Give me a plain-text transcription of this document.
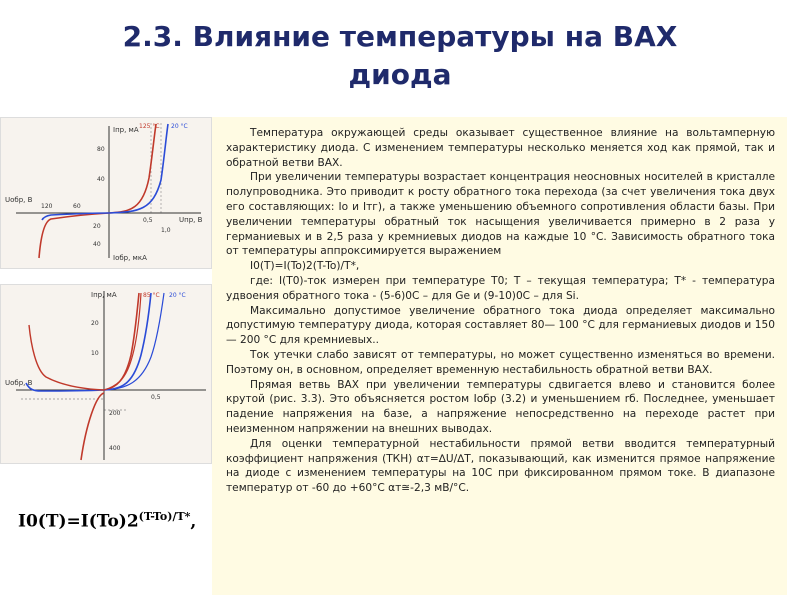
2.3. Влияние температуры на ВАХ
диода
Iпр, мА 125 °C 20 °C
80
40
Uпр, В
Uобр, В
120	60
0,5
1,0
20
Iобр, мкА
40
Iпр, мА	85 °C 20 °C
Uобр, В
20
10
200
400
0,5
$I0(T)=I(To)2^{(T-To)/T*}$,

Температура окружающей среды оказывает существенное влияние на вольтамперную характеристику диода. С изменением температуры несколько меняется ход как прямой, так и обратной ветви ВАХ.

При увеличении температуры возрастает концентрация неосновных носителей в кристалле полупроводника. Это приводит к росту обратного тока перехода (за счет увеличения тока двух его составляющих: Iо и Iтг), а также уменьшению объемного сопротивления области базы. При увеличении температуры обратный ток насыщения увеличивается примерно в 2 раза у германиевых и в 2,5 раза у кремниевых диодов на каждые 10 °С. Зависимость обратного тока от температуры аппроксимируется выражением

I0(T)=I(To)2(T-To)/T*,

где: I(T0)-ток измерен при температуре T0; T – текущая температура; T* - температура удвоения обратного тока - (5-6)0С – для Ge и (9-10)0С – для Si.

Максимально допустимое увеличение обратного тока диода определяет максимально допустимую температуру диода, которая составляет 80— 100 °С для германиевых диодов и 150 — 200 °С для кремниевых..

Ток утечки слабо зависят от температуры, но может существенно изменяться во времени. Поэтому он, в основном, определяет временную нестабильность обратной ветви ВАХ.

Прямая ветвь ВАХ при увеличении температуры сдвигается влево и становится более крутой (рис. 3.3). Это объясняется ростом Iобр (3.2) и уменьшением rб. Последнее, уменьшает падение напряжения на базе, а напряжение непосредственно на переходе растет при неизменном напряжении на внешних выводах.

Для оценки температурной нестабильности прямой ветви вводится температурный коэффициент напряжения (ТКН) αт=∆U/∆T, показывающий, как изменится прямое напряжение на диоде с изменением температуры на 10С при фиксированном прямом токе. В диапазоне температур от -60 до +60°С αт≅-2,3 мВ/°С.
